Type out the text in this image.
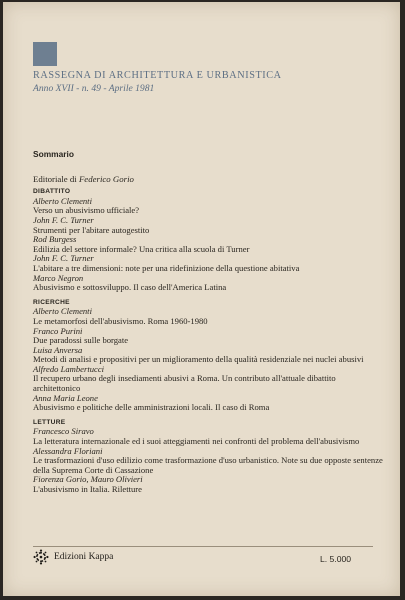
RASSEGNA DI ARCHITETTURA E URBANISTICA
Anno XVII - n. 49 - Aprile 1981
Sommario
Editoriale di Federico Gorio
DIBATTITO
Alberto Clementi
Verso un abusivismo ufficiale?
John F. C. Turner
Strumenti per l'abitare autogestito
Rod Burgess
Edilizia del settore informale? Una critica alla scuola di Turner
John F. C. Turner
L'abitare a tre dimensioni: note per una ridefinizione della questione abitativa
Marco Negron
Abusivismo e sottosviluppo. Il caso dell'America Latina
RICERCHE
Alberto Clementi
Le metamorfosi dell'abusivismo. Roma 1960-1980
Franco Purini
Due paradossi sulle borgate
Luisa Anversa
Metodi di analisi e propositivi per un miglioramento della qualità residenziale nei nuclei abusivi
Alfredo Lambertucci
Il recupero urbano degli insediamenti abusivi a Roma. Un contributo all'attuale dibattito architettonico
Anna Maria Leone
Abusivismo e politiche delle amministrazioni locali. Il caso di Roma
LETTURE
Francesco Siravo
La letteratura internazionale ed i suoi atteggiamenti nei confronti del problema dell'abusivismo
Alessandra Floriani
Le trasformazioni d'uso edilizio come trasformazione d'uso urbanistico. Note su due opposte sentenze della Suprema Corte di Cassazione
Fiorenza Gorio, Mauro Olivieri
L'abusivismo in Italia. Riletture
Edizioni Kappa	L. 5.000
